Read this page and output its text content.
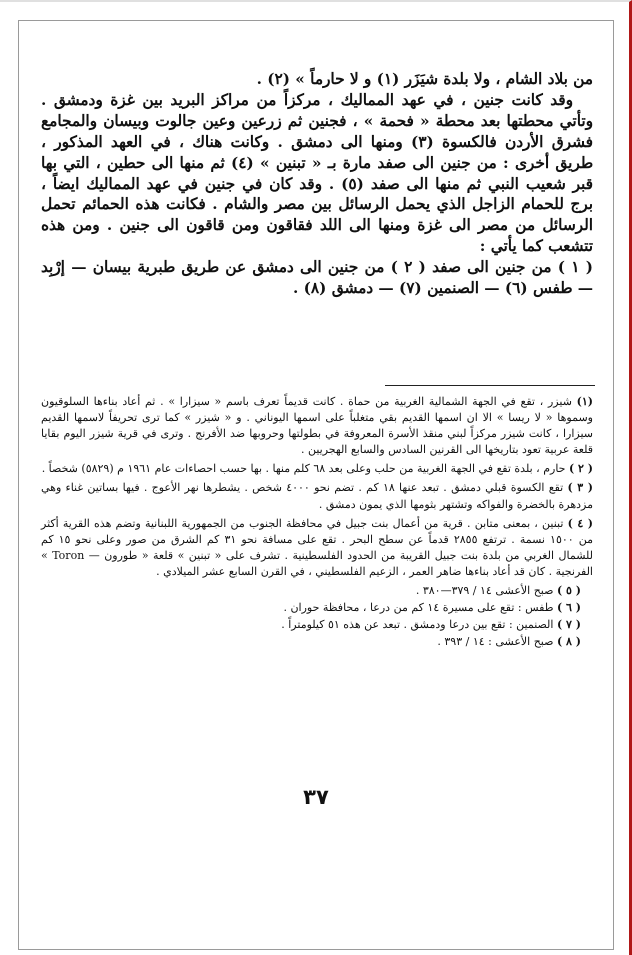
من بلاد الشام ، ولا بلدة شيَزَر (١) و لا حارماً » (٢) .

وقد كانت جنين ، في عهد المماليك ، مركزاً من مراكز البريد بين غزة ودمشق . وتأتي محطتها بعد محطة « فحمة » ، فجنين ثم زرعين وعين جالوت وبيسان والمجامع فشرق الأردن فالكسوة (٣) ومنها الى دمشق . وكانت هناك ، في العهد المذكور ، طريق أخرى : من جنين الى صفد مارة بـ « تبنين » (٤) ثم منها الى حطين ، التي بها قبر شعيب النبي ثم منها الى صفد (٥) . وقد كان في جنين في عهد المماليك ايضاً ، برج للحمام الزاجل الذي يحمل الرسائل بين مصر والشام . فكانت هذه الحمائم تحمل الرسائل من مصر الى غزة ومنها الى اللد فقاقون ومن قاقون الى جنين . ومن هذه تتشعب كما يأتي :

( ١ ) من جنين الى صفد ( ٢ ) من جنين الى دمشق عن طريق طبرية بيسان — إرْبِد — طفس (٦) — الصنمين (٧) — دمشق (٨) .

(١) شيزر ، تقع في الجهة الشمالية الغربية من حماة . كانت قديماً تعرف باسم « سيزارا » . ثم أعاد بناءها السلوقيون وسموها « لا ريسا » الا ان اسمها القديم بقي متغلباً على اسمها اليوناني . و « شيزر » كما ترى تحريفاً لاسمها القديم سيزارا ، كانت شيزر مركزاً لبني منقذ الأسرة المعروفة في بطولتها وحروبها ضد الأفرنج . وترى في قرية شيزر اليوم بقايا قلعة عربية تعود بتاريخها الى القرنين السادس والسابع الهجريين .

( ٢ ) حارم ، بلدة تقع في الجهة الغربية من حلب وعلى بعد ٦٨ كلم منها . بها حسب احصاءات عام ١٩٦١ م (٥٨٢٩) شخصاً .

( ٣ ) تقع الكسوة قبلي دمشق . تبعد عنها ١٨ كم . تضم نحو ٤٠٠٠ شخص . يشطرها نهر الأعوج . فيها بساتين غناء وهي مزدهرة بالخضرة والفواكه وتشتهر بثومها الذي يمون دمشق .

( ٤ ) تبنين ، بمعنى متابن . قرية من أعمال بنت جبيل في محافظة الجنوب من الجمهورية اللبنانية وتضم هذه القرية أكثر من ١٥٠٠ نسمة . ترتفع ٢٨٥٥ قدماً عن سطح البحر . تقع على مسافة نحو ٣١ كم الشرق من صور وعلى نحو ١٥ كم للشمال الغربي من بلدة بنت جبيل القريبة من الحدود الفلسطينية . تشرف على « تبنين » قلعة « طورون — Toron » الفرنجية . كان قد أعاد بناءها ضاهر العمر ، الزعيم الفلسطيني ، في القرن السابع عشر الميلادي .

( ٥ ) صبح الأعشى ١٤ / ٣٧٩—٣٨٠ .

( ٦ ) طفس : تقع على مسيرة ١٤ كم من درعا ، محافظة حوران .

( ٧ ) الصنمين : تقع بين درعا ودمشق . تبعد عن هذه ٥١ كيلومتراً .

( ٨ ) صبح الأعشى : ١٤ / ٣٩٣ .

٣٧
